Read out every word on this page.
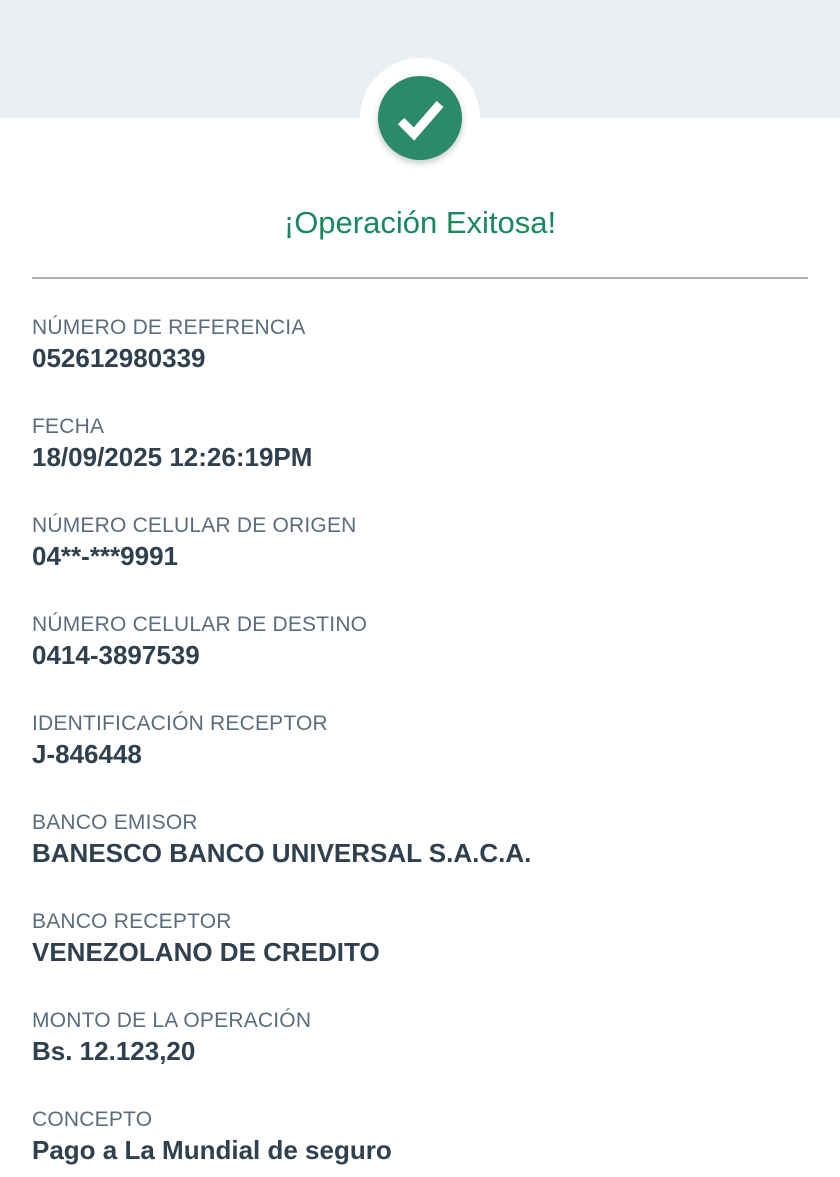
¡Operación Exitosa!
NÚMERO DE REFERENCIA
052612980339
FECHA
18/09/2025 12:26:19PM
NÚMERO CELULAR DE ORIGEN
04**-***9991
NÚMERO CELULAR DE DESTINO
0414-3897539
IDENTIFICACIÓN RECEPTOR
J-846448
BANCO EMISOR
BANESCO BANCO UNIVERSAL S.A.C.A.
BANCO RECEPTOR
VENEZOLANO DE CREDITO
MONTO DE LA OPERACIÓN
Bs. 12.123,20
CONCEPTO
Pago a La Mundial de seguro
